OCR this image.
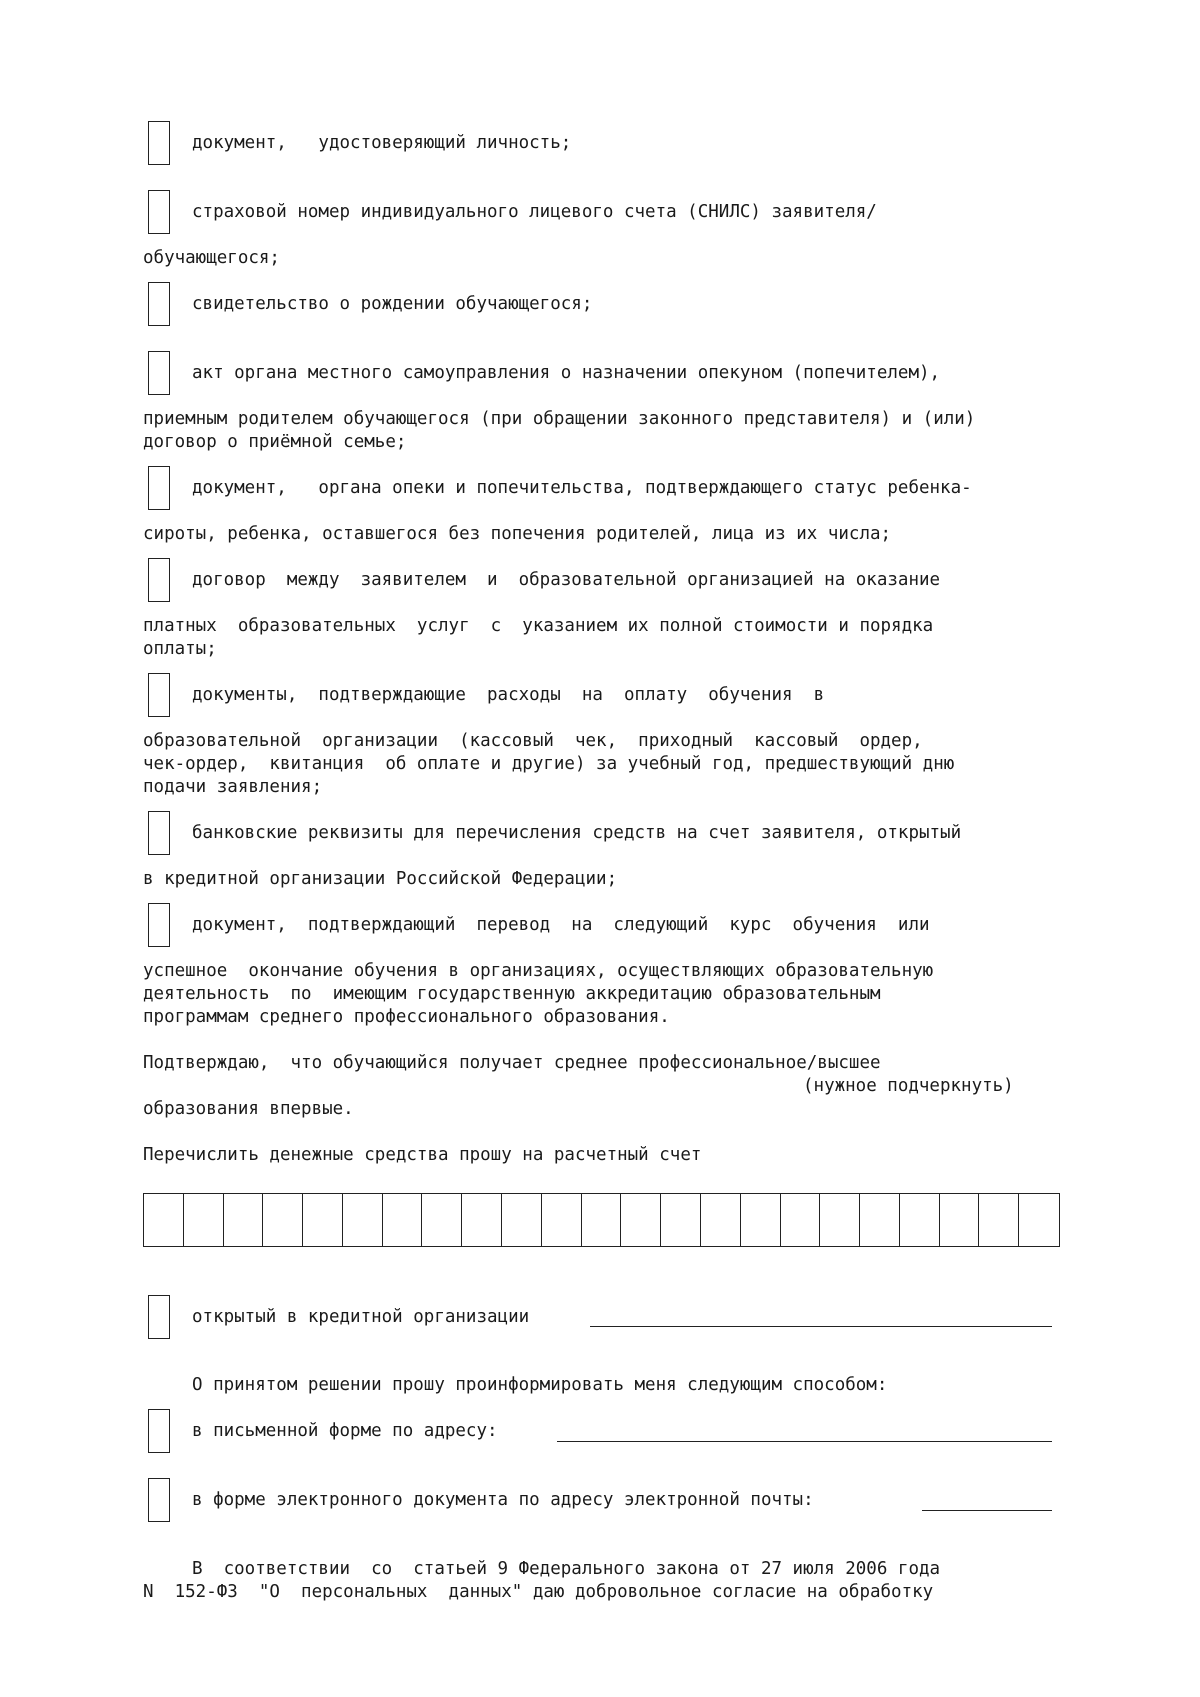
документ,   удостоверяющий личность;
страховой номер индивидуального лицевого счета (СНИЛС) заявителя/
обучающегося;
свидетельство о рождении обучающегося;
акт органа местного самоуправления о назначении опекуном (попечителем),
приемным родителем обучающегося (при обращении законного представителя) и (или)
договор о приёмной семье;
документ,   органа опеки и попечительства, подтверждающего статус ребенка-
сироты, ребенка, оставшегося без попечения родителей, лица из их числа;
договор  между  заявителем  и  образовательной организацией на оказание
платных  образовательных  услуг  с  указанием их полной стоимости и порядка
оплаты;
документы,  подтверждающие  расходы  на  оплату  обучения  в
образовательной  организации  (кассовый  чек,  приходный  кассовый  ордер,
чек-ордер,  квитанция  об оплате и другие) за учебный год, предшествующий дню
подачи заявления;
банковские реквизиты для перечисления средств на счет заявителя, открытый
в кредитной организации Российской Федерации;
документ,  подтверждающий  перевод  на  следующий  курс  обучения  или
успешное  окончание обучения в организациях, осуществляющих образовательную
деятельность  по  имеющим государственную аккредитацию образовательным
программам среднего профессионального образования.
Подтверждаю,  что обучающийся получает среднее профессиональное/высшее
(нужное подчеркнуть)
образования впервые.
Перечислить денежные средства прошу на расчетный счет
открытый в кредитной организации
О принятом решении прошу проинформировать меня следующим способом:
в письменной форме по адресу:
в форме электронного документа по адресу электронной почты:
В  соответствии  со  статьей 9 Федерального закона от 27 июля 2006 года
N  152-ФЗ  "О  персональных  данных" даю добровольное согласие на обработку
